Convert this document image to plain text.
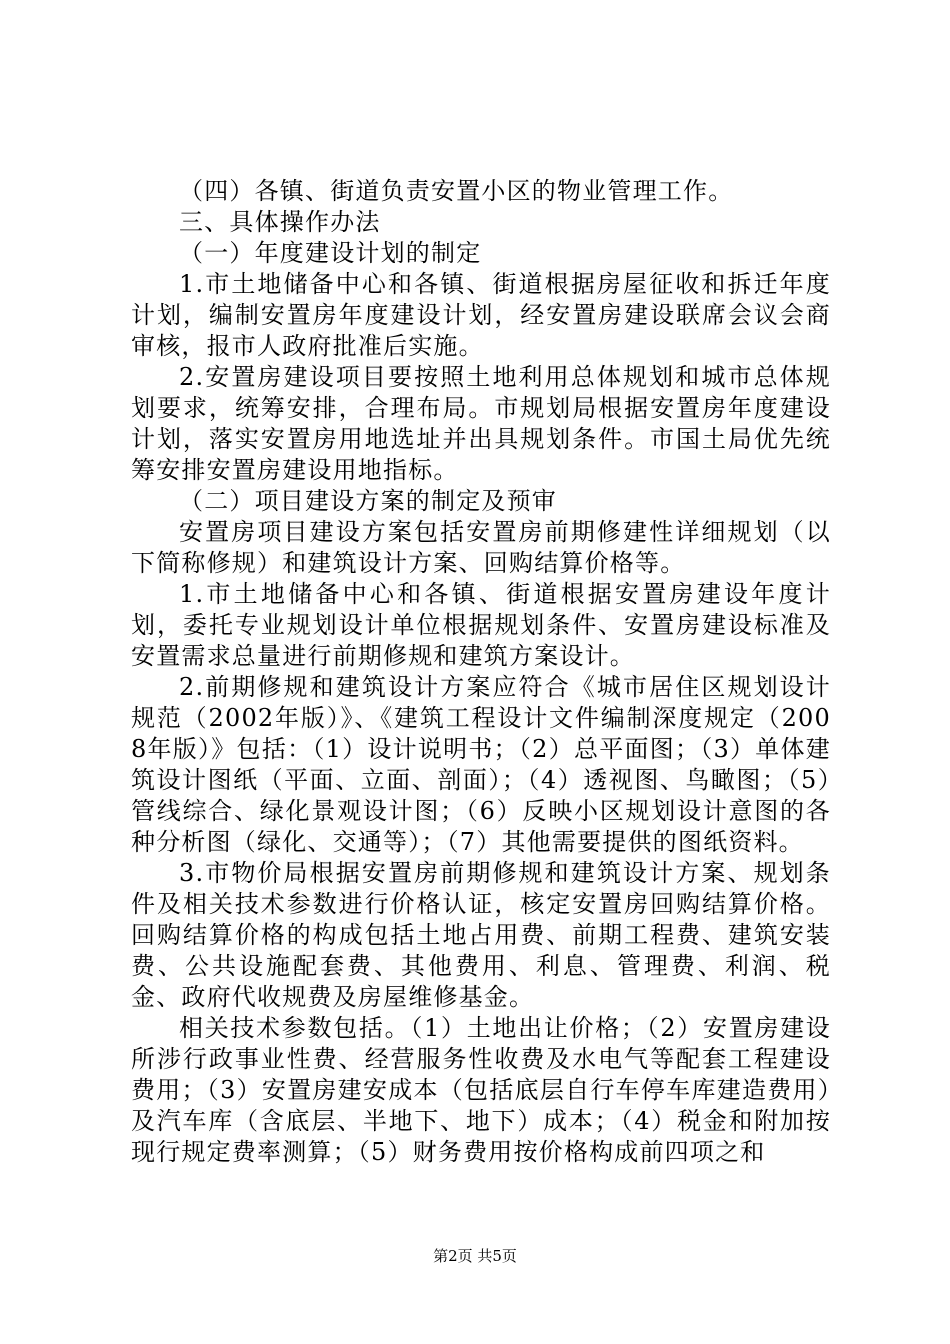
（四）各镇、街道负责安置小区的物业管理工作。

三、具体操作办法

（一）年度建设计划的制定

1.市土地储备中心和各镇、街道根据房屋征收和拆迁年度计划，编制安置房年度建设计划，经安置房建设联席会议会商审核，报市人政府批准后实施。

2.安置房建设项目要按照土地利用总体规划和城市总体规划要求，统筹安排，合理布局。市规划局根据安置房年度建设计划，落实安置房用地选址并出具规划条件。市国土局优先统筹安排安置房建设用地指标。

（二）项目建设方案的制定及预审

安置房项目建设方案包括安置房前期修建性详细规划（以下简称修规）和建筑设计方案、回购结算价格等。

1.市土地储备中心和各镇、街道根据安置房建设年度计划，委托专业规划设计单位根据规划条件、安置房建设标准及安置需求总量进行前期修规和建筑方案设计。

2.前期修规和建筑设计方案应符合《城市居住区规划设计规范（2002年版）》、《建筑工程设计文件编制深度规定（2008年版）》包括：（1）设计说明书；（2）总平面图；（3）单体建筑设计图纸（平面、立面、剖面）；（4）透视图、鸟瞰图；（5）管线综合、绿化景观设计图；（6）反映小区规划设计意图的各种分析图（绿化、交通等）；（7）其他需要提供的图纸资料。

3.市物价局根据安置房前期修规和建筑设计方案、规划条件及相关技术参数进行价格认证，核定安置房回购结算价格。回购结算价格的构成包括土地占用费、前期工程费、建筑安装费、公共设施配套费、其他费用、利息、管理费、利润、税金、政府代收规费及房屋维修基金。

相关技术参数包括。（1）土地出让价格；（2）安置房建设所涉行政事业性费、经营服务性收费及水电气等配套工程建设费用；（3）安置房建安成本（包括底层自行车停车库建造费用）及汽车库（含底层、半地下、地下）成本；（4）税金和附加按现行规定费率测算；（5）财务费用按价格构成前四项之和

第2页 共5页
